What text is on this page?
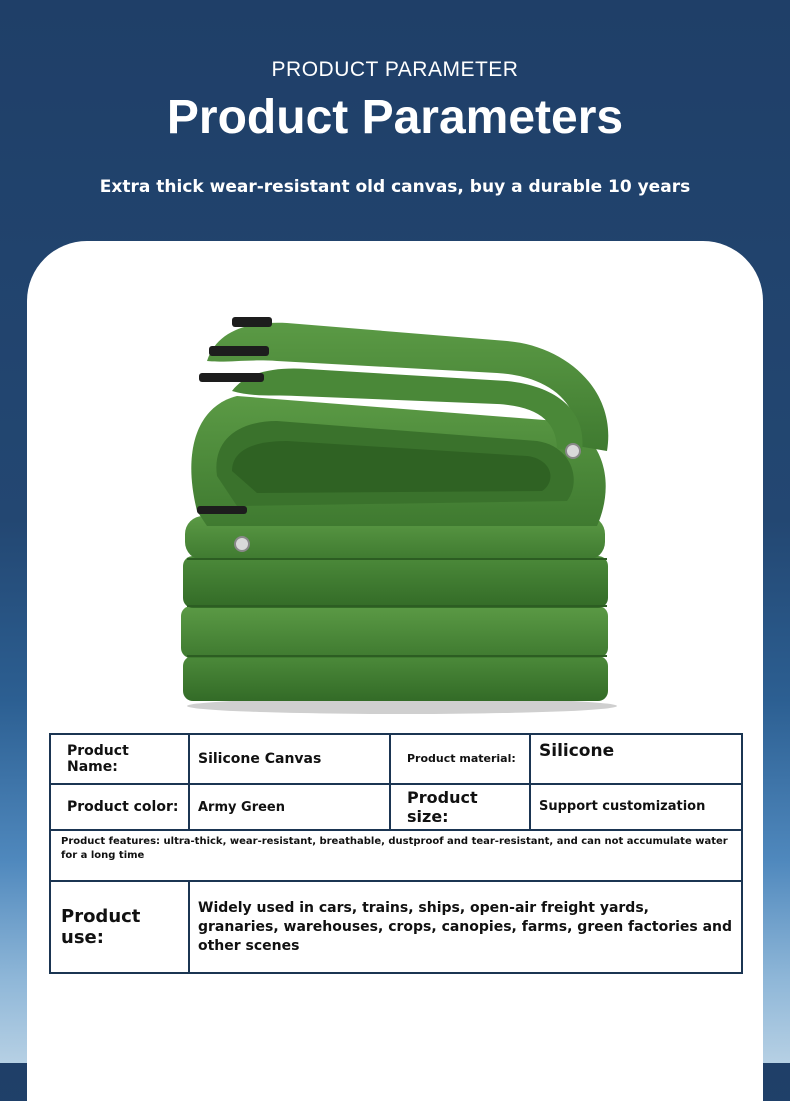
PRODUCT PARAMETER
Product Parameters
Extra thick wear-resistant old canvas, buy a durable 10 years
Product Name:	Silicone Canvas	Product material:	Silicone
Product color:	Army Green	Product size:	Support customization
Product features: ultra-thick, wear-resistant, breathable, dustproof and tear-resistant, and can not accumulate water for a long time			
Product use:	Widely used in cars, trains, ships, open-air freight yards, granaries, warehouses, crops, canopies, farms, green factories and other scenes		
